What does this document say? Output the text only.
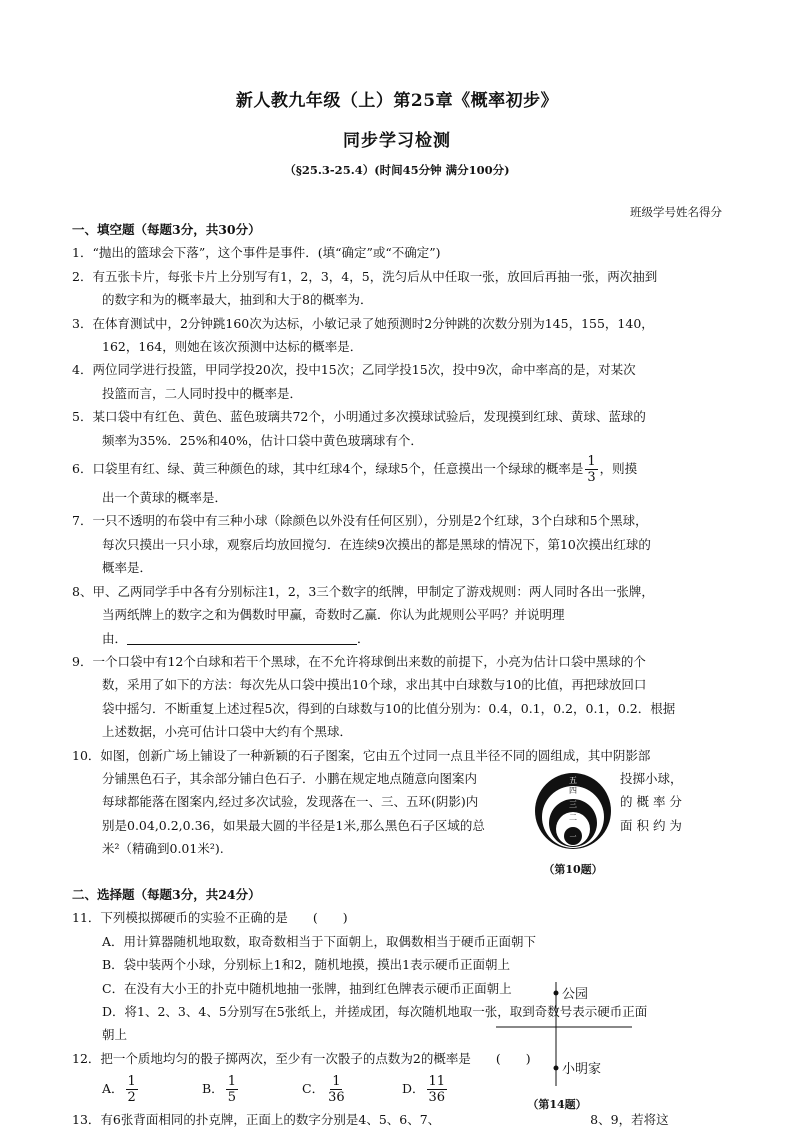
新人教九年级（上）第25章《概率初步》
同步学习检测
（§25.3-25.4）(时间45分钟 满分100分)
班级学号姓名得分
一、填空题（每题3分，共30分）
1．“抛出的篮球会下落”，这个事件是事件．(填“确定”或“不确定”)
2．有五张卡片，每张卡片上分别写有1，2，3，4，5，洗匀后从中任取一张，放回后再抽一张，两次抽到
的数字和为的概率最大，抽到和大于8的概率为．
3．在体育测试中，2分钟跳160次为达标，小敏记录了她预测时2分钟跳的次数分别为145，155，140，
162，164，则她在该次预测中达标的概率是．
4．两位同学进行投篮，甲同学投20次，投中15次；乙同学投15次，投中9次，命中率高的是，对某次
投篮而言，二人同时投中的概率是．
5．某口袋中有红色、黄色、蓝色玻璃共72个，小明通过多次摸球试验后，发现摸到红球、黄球、蓝球的
频率为35%．25%和40%，估计口袋中黄色玻璃球有个．
6．口袋里有红、绿、黄三种颜色的球，其中红球4个，绿球5个，任意摸出一个绿球的概率是 $\frac{1}{3}$ ，则摸
出一个黄球的概率是．
7．一只不透明的布袋中有三种小球（除颜色以外没有任何区别），分别是2个红球，3个白球和5个黑球，
每次只摸出一只小球，观察后均放回搅匀．在连续9次摸出的都是黑球的情况下，第10次摸出红球的
概率是．
8、甲、乙两同学手中各有分别标注1，2，3三个数字的纸牌，甲制定了游戏规则：两人同时各出一张牌，
当两纸牌上的数字之和为偶数时甲赢，奇数时乙赢．你认为此规则公平吗？并说明理
由．	．
9．一个口袋中有12个白球和若干个黑球，在不允许将球倒出来数的前提下，小亮为估计口袋中黑球的个
数，采用了如下的方法：每次先从口袋中摸出10个球，求出其中白球数与10的比值，再把球放回口
袋中摇匀．不断重复上述过程5次，得到的白球数与10的比值分别为：0.4，0.1，0.2，0.1，0.2．根据
上述数据，小亮可估计口袋中大约有个黑球．
10．如图，创新广场上铺设了一种新颖的石子图案，它由五个过同一点且半径不同的圆组成，其中阴影部
分铺黑色石子，其余部分铺白色石子．小鹏在规定地点随意向图案内
每球都能落在图案内,经过多次试验，发现落在一、三、五环(阴影)内
别是0.04,0.2,0.36，如果最大圆的半径是1米,那么黑色石子区域的总
米²（精确到0.01米²).
五
四
三
二
一
（第10题）
投掷小球，
的 概 率 分
面 积 约 为
二、选择题（每题3分，共24分）
11．下列模拟掷硬币的实验不正确的是　　(　　)
A．用计算器随机地取数，取奇数相当于下面朝上，取偶数相当于硬币正面朝下
B．袋中装两个小球，分别标上1和2，随机地摸，摸出1表示硬币正面朝上
C．在没有大小王的扑克中随机地抽一张牌，抽到红色牌表示硬币正面朝上
D．将1、2、3、4、5分别写在5张纸上，并搓成团，每次随机地取一张，取到奇数号表示硬币正面
朝上
12．把一个质地均匀的骰子掷两次，至少有一次骰子的点数为2的概率是　　(　　)
A． $\frac{1}{2}$	B． $\frac{1}{5}$	C． $\frac{1}{36}$	D． $\frac{11}{36}$
13．有6张背面相同的扑克牌，正面上的数字分别是4、5、6、7、	8、9，若将这
公园
小明家
（第14题）
